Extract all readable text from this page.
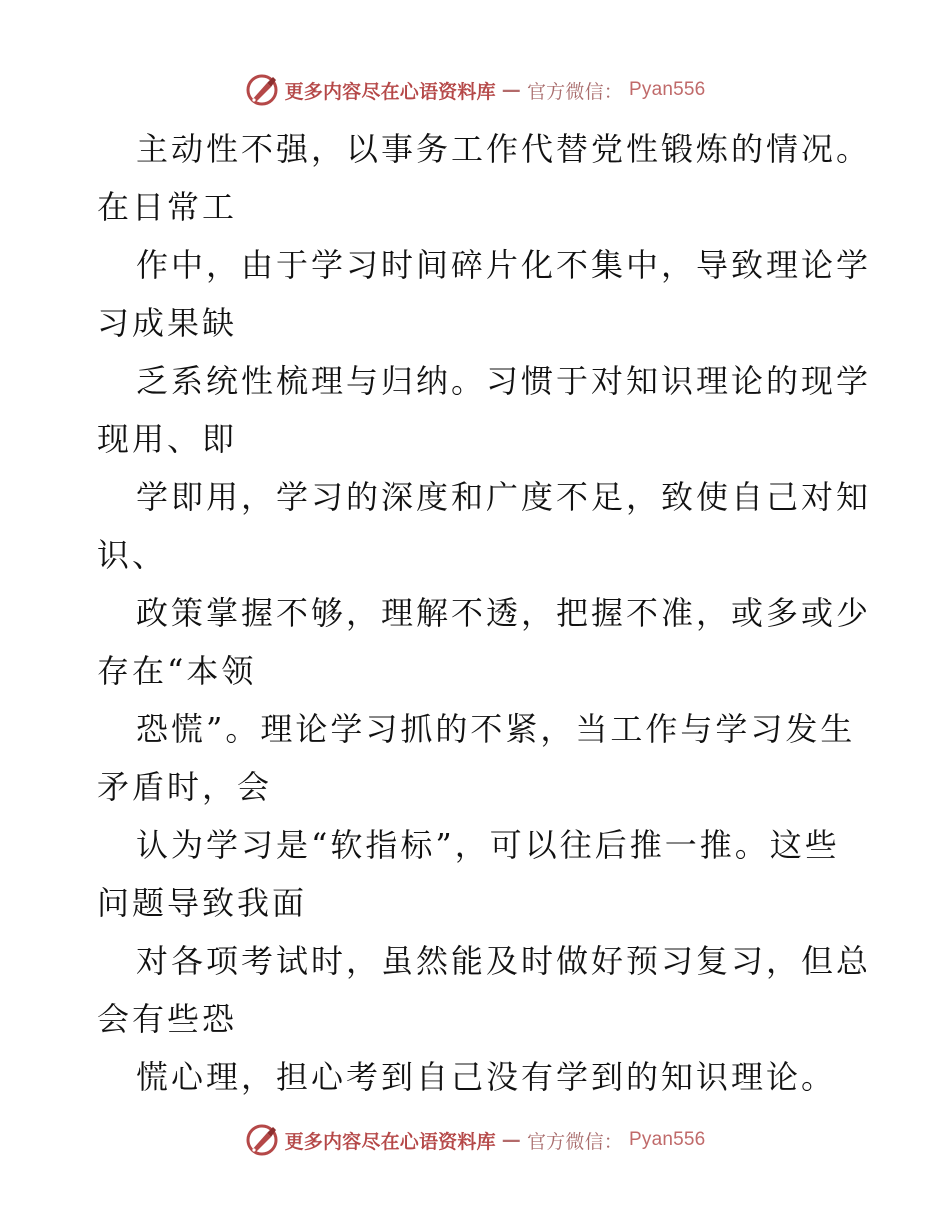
更多内容尽在心语资料库 — 官方微信： Pyan556

主动性不强，以事务工作代替党性锻炼的情况。
在日常工

作中，由于学习时间碎片化不集中，导致理论学
习成果缺

乏系统性梳理与归纳。习惯于对知识理论的现学
现用、即

学即用，学习的深度和广度不足，致使自己对知
识、

政策掌握不够，理解不透，把握不准，或多或少
存在“本领

恐慌”。理论学习抓的不紧，当工作与学习发生
矛盾时，会

认为学习是“软指标”，可以往后推一推。这些
问题导致我面

对各项考试时，虽然能及时做好预习复习，但总
会有些恐

慌心理，担心考到自己没有学到的知识理论。

更多内容尽在心语资料库 — 官方微信： Pyan556
